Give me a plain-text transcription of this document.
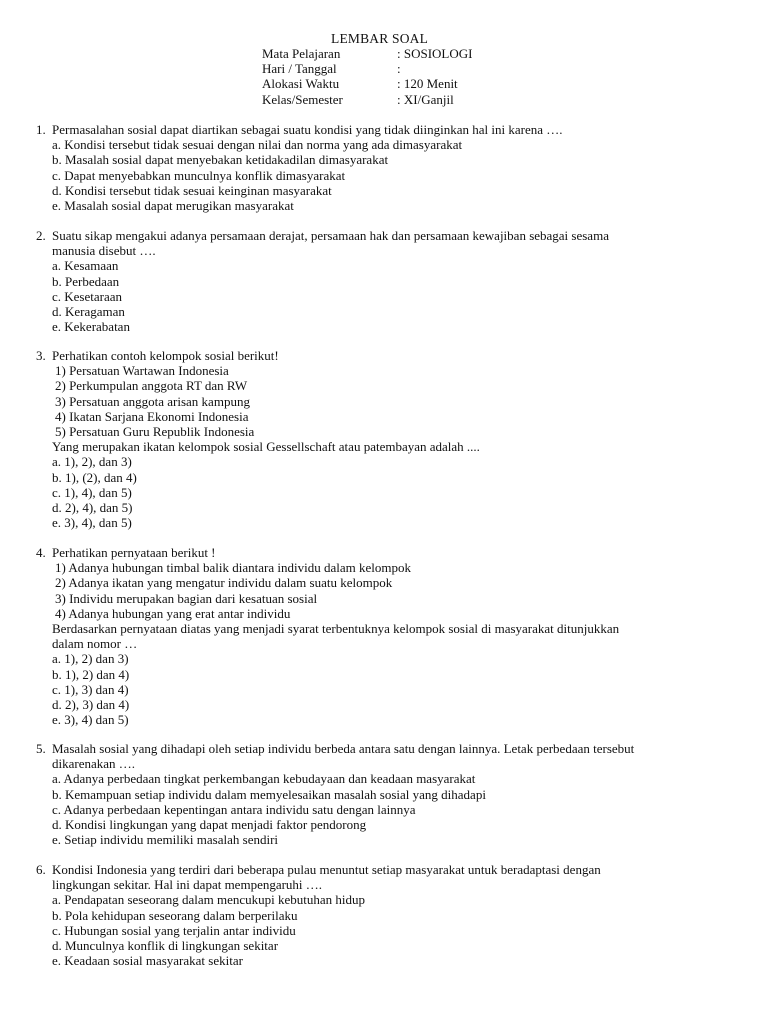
LEMBAR SOAL
Mata Pelajaran	: SOSIOLOGI
Hari / Tanggal	:
Alokasi Waktu	: 120 Menit
Kelas/Semester	: XI/Ganjil
1. Permasalahan sosial dapat diartikan sebagai suatu kondisi yang tidak diinginkan hal ini karena ….
a. Kondisi tersebut tidak sesuai dengan nilai dan norma yang ada dimasyarakat
b. Masalah sosial dapat menyebakan ketidakadilan dimasyarakat
c. Dapat menyebabkan munculnya konflik dimasyarakat
d. Kondisi tersebut tidak sesuai keinginan masyarakat
e. Masalah sosial dapat merugikan masyarakat
2. Suatu sikap mengakui adanya persamaan derajat, persamaan hak dan persamaan kewajiban sebagai sesama
manusia disebut ….
a. Kesamaan
b. Perbedaan
c. Kesetaraan
d. Keragaman
e. Kekerabatan
3. Perhatikan contoh kelompok sosial berikut!
1) Persatuan Wartawan Indonesia
2) Perkumpulan anggota RT dan RW
3) Persatuan anggota arisan kampung
4) Ikatan Sarjana Ekonomi Indonesia
5) Persatuan Guru Republik Indonesia
Yang merupakan ikatan kelompok sosial Gessellschaft atau patembayan adalah ....
a. 1), 2), dan 3)
b. 1), (2), dan 4)
c. 1), 4), dan 5)
d. 2), 4), dan 5)
e. 3), 4), dan 5)
4. Perhatikan pernyataan berikut !
1) Adanya hubungan timbal balik diantara individu dalam kelompok
2) Adanya ikatan yang mengatur individu dalam suatu kelompok
3) Individu merupakan bagian dari kesatuan sosial
4) Adanya hubungan yang erat antar individu
Berdasarkan pernyataan diatas yang menjadi syarat terbentuknya kelompok sosial di masyarakat ditunjukkan
dalam nomor …
a. 1), 2) dan 3)
b. 1), 2) dan 4)
c. 1), 3) dan 4)
d. 2), 3) dan 4)
e. 3), 4) dan 5)
5. Masalah sosial yang dihadapi oleh setiap individu berbeda antara satu dengan lainnya. Letak perbedaan tersebut
dikarenakan ….
a. Adanya perbedaan tingkat perkembangan kebudayaan dan keadaan masyarakat
b. Kemampuan setiap individu dalam memyelesaikan masalah sosial yang dihadapi
c. Adanya perbedaan kepentingan antara individu satu dengan lainnya
d. Kondisi lingkungan yang dapat menjadi faktor pendorong
e. Setiap individu memiliki masalah sendiri
6. Kondisi Indonesia yang terdiri dari beberapa pulau menuntut setiap masyarakat untuk beradaptasi dengan
lingkungan sekitar. Hal ini dapat mempengaruhi ….
a. Pendapatan seseorang dalam mencukupi kebutuhan hidup
b. Pola kehidupan seseorang dalam berperilaku
c. Hubungan sosial yang terjalin antar individu
d. Munculnya konflik di lingkungan sekitar
e. Keadaan sosial masyarakat sekitar
